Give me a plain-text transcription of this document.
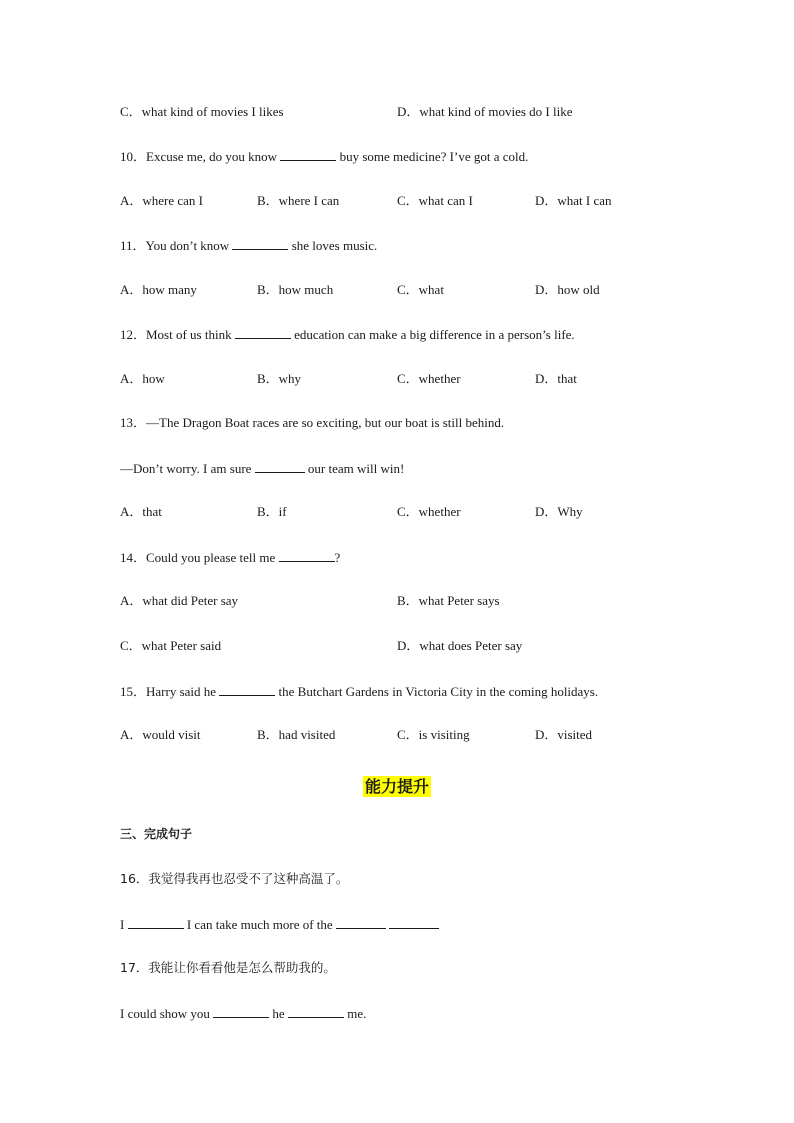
C．what kind of movies I likes	D．what kind of movies do I like
10．Excuse me, do you know	buy some medicine? I’ve got a cold.
A．where can I	B．where I can	C．what can I	D．what I can
11．You don’t know	she loves music.
A．how many	B．how much	C．what	D．how old
12．Most of us think	education can make a big difference in a person’s life.
A．how	B．why	C．whether	D．that
13．—The Dragon Boat races are so exciting, but our boat is still behind.
—Don’t worry. I am sure	our team will win!
A．that	B．if	C．whether	D．Why
14．Could you please tell me	?
A．what did Peter say	B．what Peter says
C．what Peter said	D．what does Peter say
15．Harry said he	the Butchart Gardens in Victoria City in the coming holidays.
A．would visit	B．had visited	C．is visiting	D．visited
能力提升
三、完成句子
16．我觉得我再也忍受不了这种高温了。
I	I can take much more of the
17．我能让你看看他是怎么帮助我的。
I could show you	he	me.
